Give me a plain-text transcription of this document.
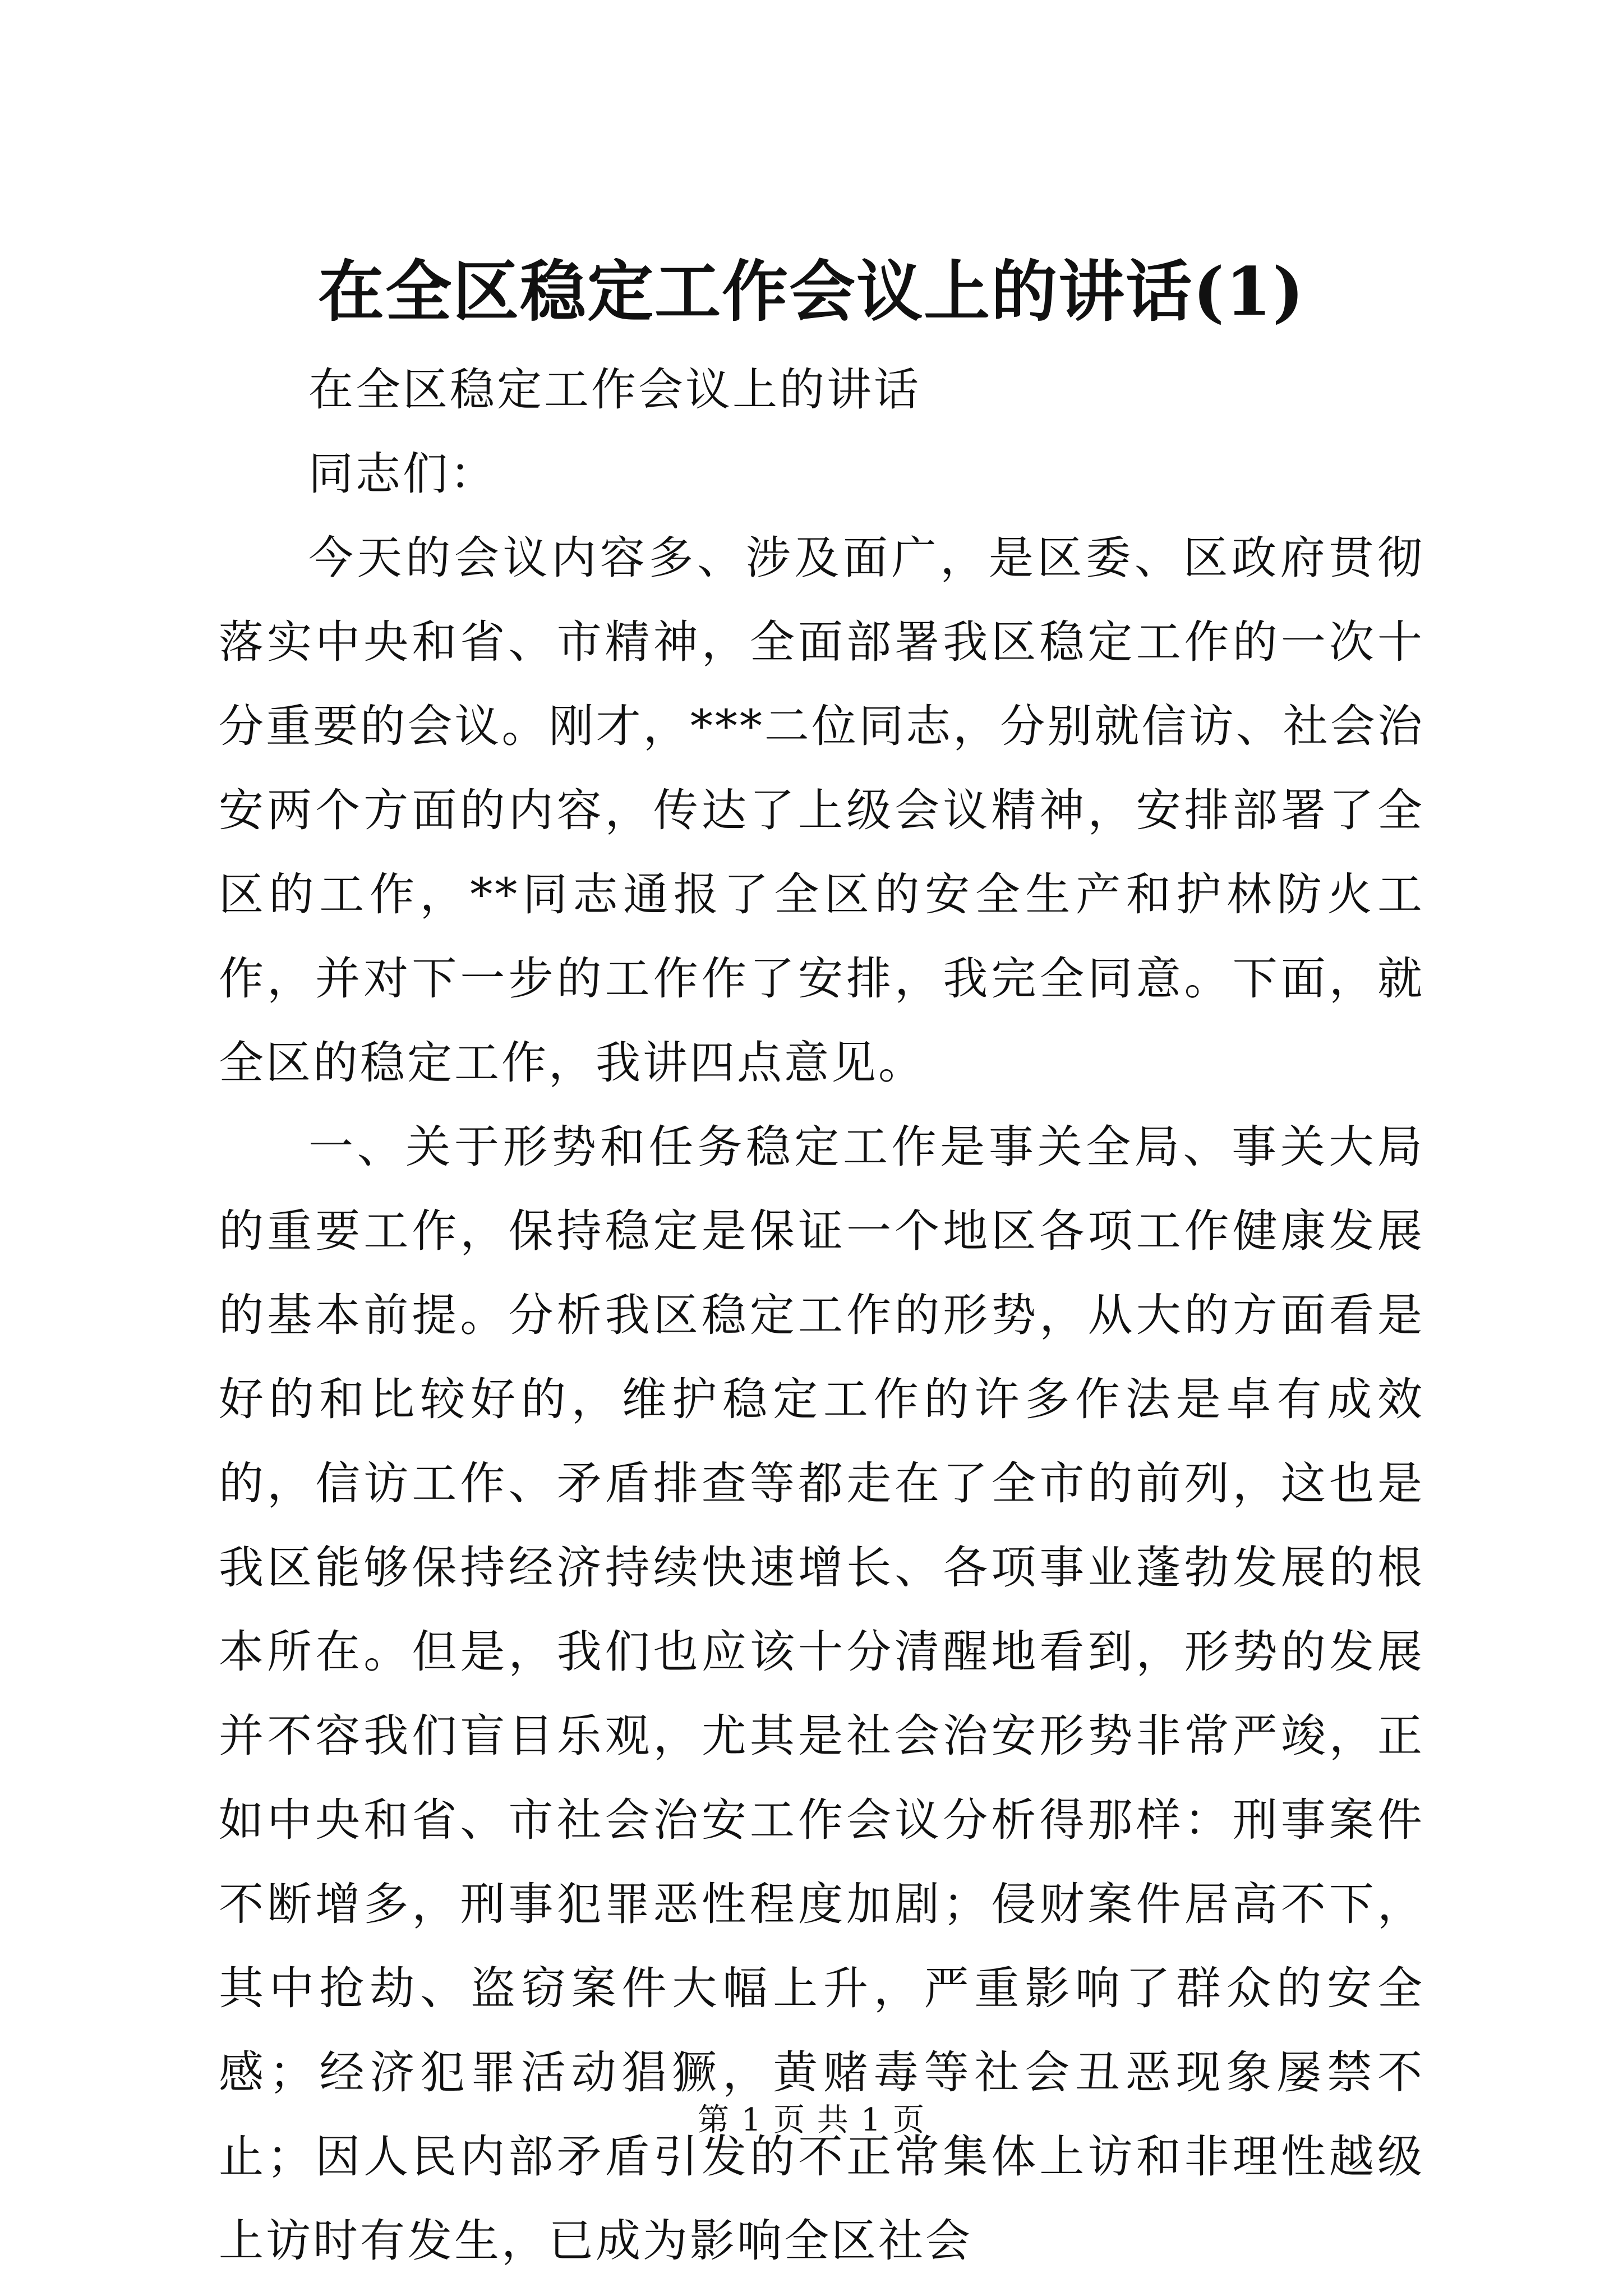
在全区稳定工作会议上的讲话(1)

在全区稳定工作会议上的讲话

同志们：

今天的会议内容多、涉及面广，是区委、区政府贯彻落实中央和省、市精神，全面部署我区稳定工作的一次十分重要的会议。刚才，***二位同志，分别就信访、社会治安两个方面的内容，传达了上级会议精神，安排部署了全区的工作，**同志通报了全区的安全生产和护林防火工作，并对下一步的工作作了安排，我完全同意。下面，就全区的稳定工作，我讲四点意见。

一、关于形势和任务稳定工作是事关全局、事关大局的重要工作，保持稳定是保证一个地区各项工作健康发展的基本前提。分析我区稳定工作的形势，从大的方面看是好的和比较好的，维护稳定工作的许多作法是卓有成效的，信访工作、矛盾排查等都走在了全市的前列，这也是我区能够保持经济持续快速增长、各项事业蓬勃发展的根本所在。但是，我们也应该十分清醒地看到，形势的发展并不容我们盲目乐观，尤其是社会治安形势非常严竣，正如中央和省、市社会治安工作会议分析得那样：刑事案件不断增多，刑事犯罪恶性程度加剧；侵财案件居高不下，其中抢劫、盗窃案件大幅上升，严重影响了群众的安全感；经济犯罪活动猖獗，黄赌毒等社会丑恶现象屡禁不止；因人民内部矛盾引发的不正常集体上访和非理性越级上访时有发生，已成为影响全区社会

第 1 页 共 1 页
